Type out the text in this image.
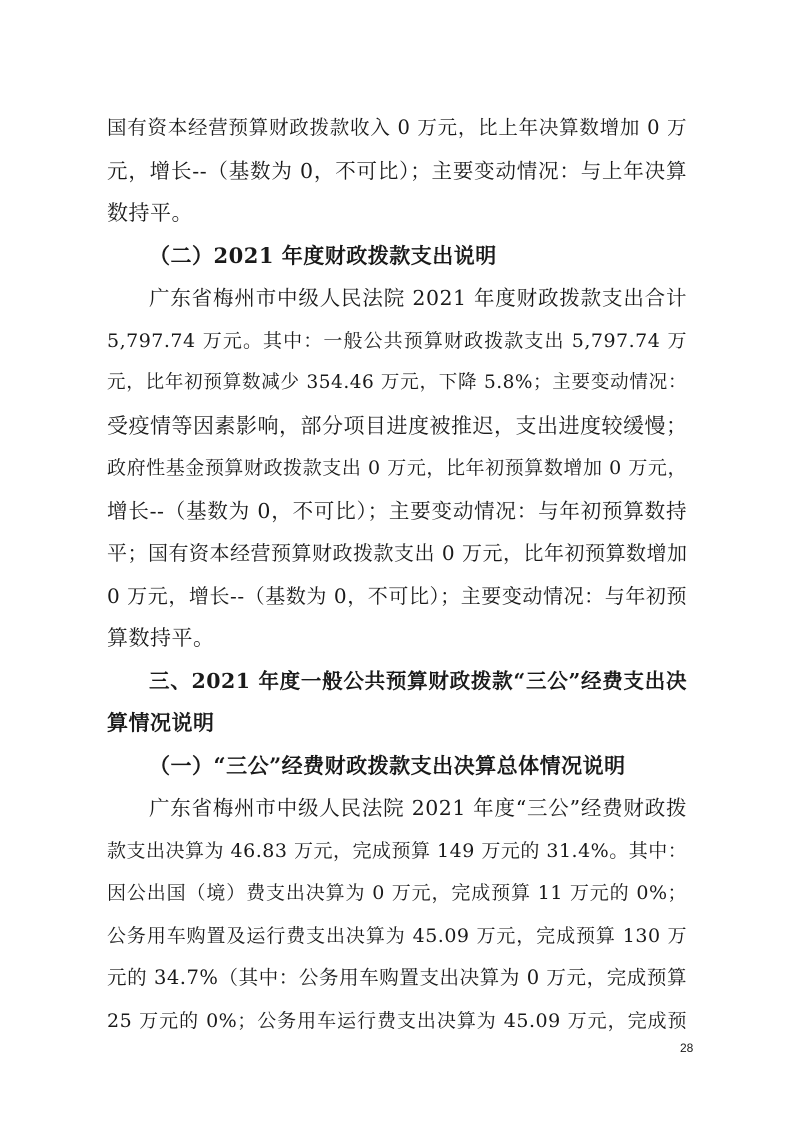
国有资本经营预算财政拨款收入 0 万元，比上年决算数增加 0 万
元，增长--（基数为 0，不可比）；主要变动情况：与上年决算
数持平。
（二）2021 年度财政拨款支出说明
广东省梅州市中级人民法院 2021 年度财政拨款支出合计
5,797.74 万元。其中：一般公共预算财政拨款支出 5,797.74 万
元，比年初预算数减少 354.46 万元，下降 5.8%；主要变动情况：
受疫情等因素影响，部分项目进度被推迟，支出进度较缓慢；
政府性基金预算财政拨款支出 0 万元，比年初预算数增加 0 万元，
增长--（基数为 0，不可比）；主要变动情况：与年初预算数持
平；国有资本经营预算财政拨款支出 0 万元，比年初预算数增加
0 万元，增长--（基数为 0，不可比）；主要变动情况：与年初预
算数持平。
三、2021 年度一般公共预算财政拨款“三公”经费支出决
算情况说明
（一）“三公”经费财政拨款支出决算总体情况说明
广东省梅州市中级人民法院 2021 年度“三公”经费财政拨
款支出决算为 46.83 万元，完成预算 149 万元的 31.4%。其中：
因公出国（境）费支出决算为 0 万元，完成预算 11 万元的 0%；
公务用车购置及运行费支出决算为 45.09 万元，完成预算 130 万
元的 34.7%（其中：公务用车购置支出决算为 0 万元，完成预算
25 万元的 0%；公务用车运行费支出决算为 45.09 万元，完成预
28
